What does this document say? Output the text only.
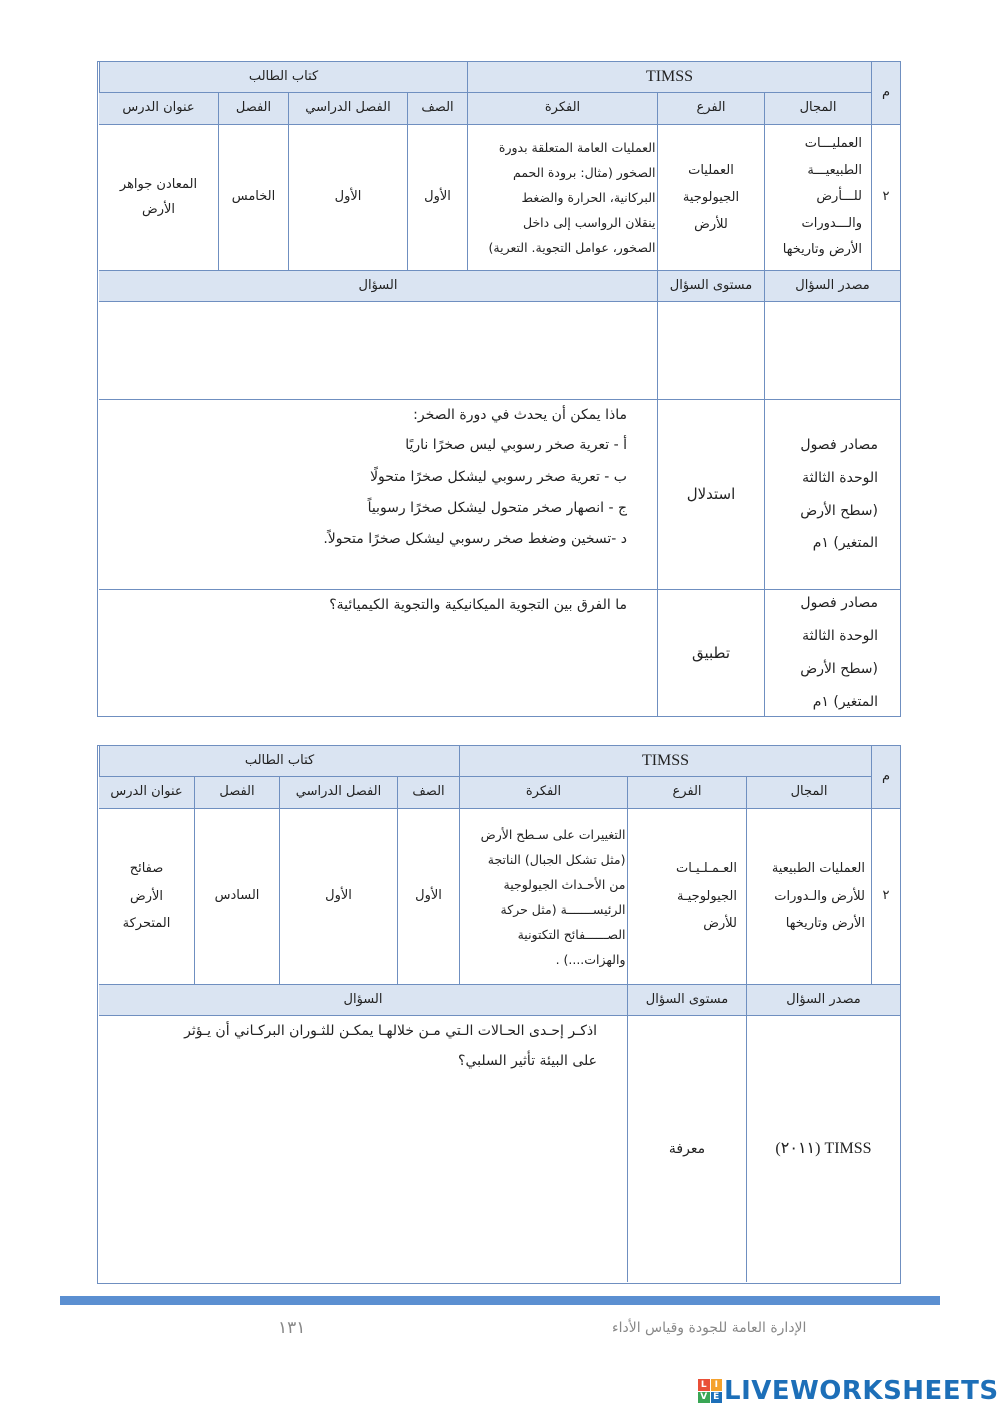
م
TIMSS
كتاب الطالب
المجال
الفرع
الفكرة
الصف
الفصل الدراسي
الفصل
عنوان الدرس
٢
العمليـــات
الطبيعيـــة
للـــأرض
والـــدورات
الأرض وتاريخها
العمليات
الجيولوجية
للأرض
العمليات العامة المتعلقة بدورة
الصخور (مثال: برودة الحمم
البركانية، الحرارة والضغط
ينقلان الرواسب إلى داخل
الصخور، عوامل التجوية. التعرية)
الأول
الأول
الخامس
المعادن جواهر
الأرض
مصدر السؤال
مستوى السؤال
السؤال
مصادر فصول
الوحدة الثالثة
(سطح الأرض
المتغير) ١م
استدلال
ماذا يمكن أن يحدث في دورة الصخر:
أ - تعرية صخر رسوبي ليس صخرًا ناريًا
ب - تعرية صخر رسوبي ليشكل صخرًا متحولًا
ج - انصهار صخر متحول ليشكل صخرًا رسوبياً
د -تسخين وضغط صخر رسوبي ليشكل صخرًا متحولاً.
مصادر فصول
الوحدة الثالثة
(سطح الأرض
المتغير) ١م
تطبيق
ما الفرق بين التجوية الميكانيكية والتجوية الكيميائية؟
م
TIMSS
كتاب الطالب
المجال
الفرع
الفكرة
الصف
الفصل الدراسي
الفصل
عنوان الدرس
٢
العمليات الطبيعية
للأرض والـدورات
الأرض وتاريخها
العـمـلـيـات
الجيولوجيـة
للأرض
التغييرات على سـطح الأرض
(مثل تشكل الجبال) الناتجة
من الأحـداث الجيولوجية
الرئيســـــــة (مثل حركة
الصــــــفائح التكتونية
والهزات....) .
الأول
الأول
السادس
صفائح
الأرض
المتحركة
مصدر السؤال
مستوى السؤال
السؤال
TIMSS (٢٠١١)
معرفة
اذكـر إحـدى الحـالات الـتي مـن خلالهـا يمكـن للثـوران البركـاني أن يـؤثر
على البيئة تأثير السلبي؟
١٣١	الإدارة العامة للجودة وقياس الأداء
L I
V E LIVEWORKSHEETS
